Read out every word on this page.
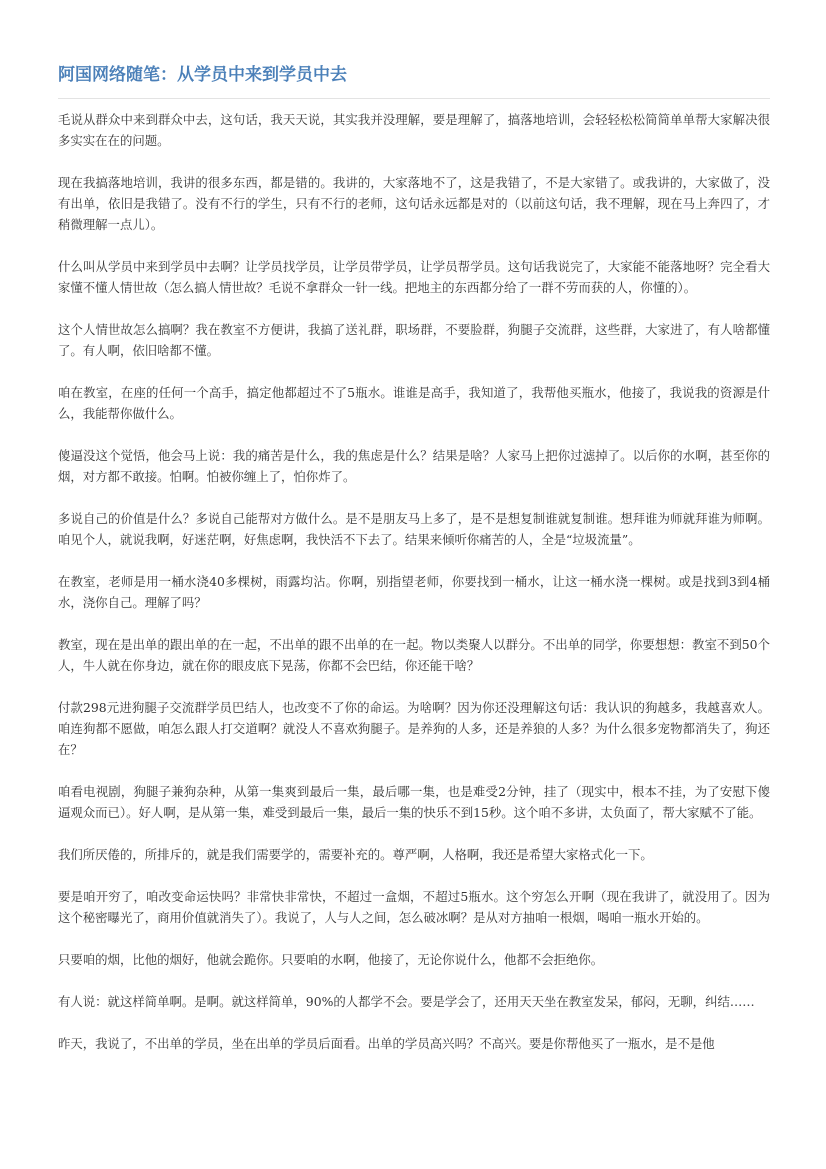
阿国网络随笔：从学员中来到学员中去

毛说从群众中来到群众中去，这句话，我天天说，其实我并没理解，要是理解了，搞落地培训，会轻轻松松简简单单帮大家解决很多实实在在的问题。

现在我搞落地培训，我讲的很多东西，都是错的。我讲的，大家落地不了，这是我错了，不是大家错了。或我讲的，大家做了，没有出单，依旧是我错了。没有不行的学生，只有不行的老师，这句话永远都是对的（以前这句话，我不理解，现在马上奔四了，才稍微理解一点儿）。

什么叫从学员中来到学员中去啊？让学员找学员，让学员带学员，让学员帮学员。这句话我说完了，大家能不能落地呀？完全看大家懂不懂人情世故（怎么搞人情世故？毛说不拿群众一针一线。把地主的东西都分给了一群不劳而获的人，你懂的）。

这个人情世故怎么搞啊？我在教室不方便讲，我搞了送礼群，职场群，不要脸群，狗腿子交流群，这些群，大家进了，有人啥都懂了。有人啊，依旧啥都不懂。

咱在教室，在座的任何一个高手，搞定他都超过不了5瓶水。谁谁是高手，我知道了，我帮他买瓶水，他接了，我说我的资源是什么，我能帮你做什么。

傻逼没这个觉悟，他会马上说：我的痛苦是什么，我的焦虑是什么？结果是啥？人家马上把你过滤掉了。以后你的水啊，甚至你的烟，对方都不敢接。怕啊。怕被你缠上了，怕你炸了。

多说自己的价值是什么？多说自己能帮对方做什么。是不是朋友马上多了，是不是想复制谁就复制谁。想拜谁为师就拜谁为师啊。咱见个人，就说我啊，好迷茫啊，好焦虑啊，我快活不下去了。结果来倾听你痛苦的人，全是“垃圾流量”。

在教室，老师是用一桶水浇40多棵树，雨露均沾。你啊，别指望老师，你要找到一桶水，让这一桶水浇一棵树。或是找到3到4桶水，浇你自己。理解了吗？

教室，现在是出单的跟出单的在一起，不出单的跟不出单的在一起。物以类聚人以群分。不出单的同学，你要想想：教室不到50个人，牛人就在你身边，就在你的眼皮底下晃荡，你都不会巴结，你还能干啥？

付款298元进狗腿子交流群学员巴结人，也改变不了你的命运。为啥啊？因为你还没理解这句话：我认识的狗越多，我越喜欢人。咱连狗都不愿做，咱怎么跟人打交道啊？就没人不喜欢狗腿子。是养狗的人多，还是养狼的人多？为什么很多宠物都消失了，狗还在？

咱看电视剧，狗腿子兼狗杂种，从第一集爽到最后一集，最后哪一集，也是难受2分钟，挂了（现实中，根本不挂，为了安慰下傻逼观众而已）。好人啊，是从第一集，难受到最后一集，最后一集的快乐不到15秒。这个咱不多讲，太负面了，帮大家赋不了能。

我们所厌倦的，所排斥的，就是我们需要学的，需要补充的。尊严啊，人格啊，我还是希望大家格式化一下。

要是咱开穷了，咱改变命运快吗？非常快非常快，不超过一盒烟，不超过5瓶水。这个穷怎么开啊（现在我讲了，就没用了。因为这个秘密曝光了，商用价值就消失了）。我说了，人与人之间，怎么破冰啊？是从对方抽咱一根烟，喝咱一瓶水开始的。

只要咱的烟，比他的烟好，他就会跪你。只要咱的水啊，他接了，无论你说什么，他都不会拒绝你。

有人说：就这样简单啊。是啊。就这样简单，90%的人都学不会。要是学会了，还用天天坐在教室发呆，郁闷，无聊，纠结……

昨天，我说了，不出单的学员，坐在出单的学员后面看。出单的学员高兴吗？不高兴。要是你帮他买了一瓶水，是不是他
